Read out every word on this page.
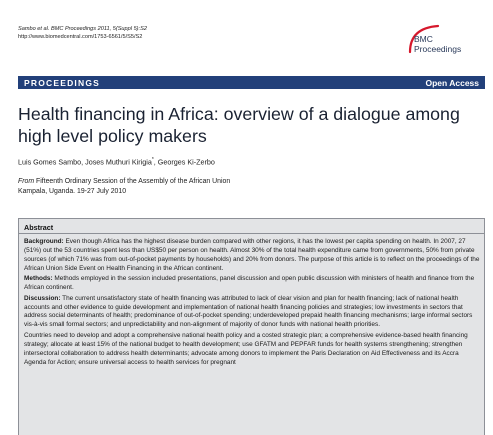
Sambo et al. BMC Proceedings 2011, 5(Suppl 5):S2
http://www.biomedcentral.com/1753-6561/5/S5/S2	BMC
Proceedings
PROCEEDINGS	Open Access
Health financing in Africa: overview of a dialogue among high level policy makers
Luis Gomes Sambo, Joses Muthuri Kirigia*, Georges Ki-Zerbo
From Fifteenth Ordinary Session of the Assembly of the African Union
Kampala, Uganda. 19-27 July 2010
Abstract

Background: Even though Africa has the highest disease burden compared with other regions, it has the lowest per capita spending on health. In 2007, 27 (51%) out the 53 countries spent less than US$50 per person on health. Almost 30% of the total health expenditure came from governments, 50% from private sources (of which 71% was from out-of-pocket payments by households) and 20% from donors. The purpose of this article is to reflect on the proceedings of the African Union Side Event on Health Financing in the African continent.

Methods: Methods employed in the session included presentations, panel discussion and open public discussion with ministers of health and finance from the African continent.

Discussion: The current unsatisfactory state of health financing was attributed to lack of clear vision and plan for health financing; lack of national health accounts and other evidence to guide development and implementation of national health financing policies and strategies; low investments in sectors that address social determinants of health; predominance of out-of-pocket spending; underdeveloped prepaid health financing mechanisms; large informal sectors vis-à-vis small formal sectors; and unpredictability and non-alignment of majority of donor funds with national health priorities.

Countries need to develop and adopt a comprehensive national health policy and a costed strategic plan; a comprehensive evidence-based health financing strategy; allocate at least 15% of the national budget to health development; use GFATM and PEPFAR funds for health systems strengthening; strengthen intersectoral collaboration to address health determinants; advocate among donors to implement the Paris Declaration on Aid Effectiveness and its Accra Agenda for Action; ensure universal access to health services for pregnant
